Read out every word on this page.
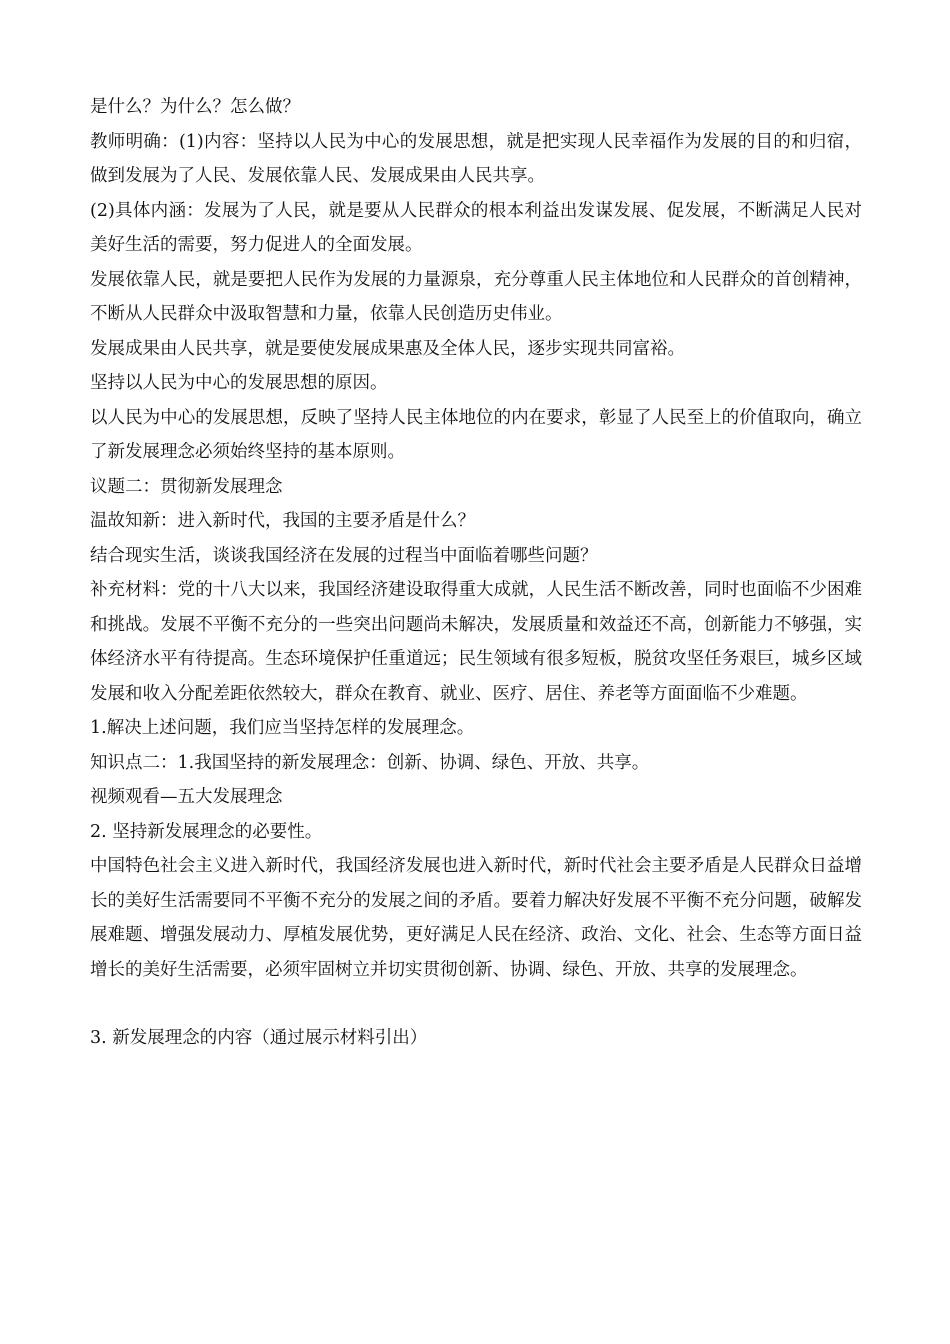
是什么？为什么？怎么做？

教师明确：(1)内容：坚持以人民为中心的发展思想，就是把实现人民幸福作为发展的目的和归宿，做到发展为了人民、发展依靠人民、发展成果由人民共享。

(2)具体内涵：发展为了人民，就是要从人民群众的根本利益出发谋发展、促发展，不断满足人民对美好生活的需要，努力促进人的全面发展。

发展依靠人民，就是要把人民作为发展的力量源泉，充分尊重人民主体地位和人民群众的首创精神，不断从人民群众中汲取智慧和力量，依靠人民创造历史伟业。

发展成果由人民共享，就是要使发展成果惠及全体人民，逐步实现共同富裕。

坚持以人民为中心的发展思想的原因。

以人民为中心的发展思想，反映了坚持人民主体地位的内在要求，彰显了人民至上的价值取向，确立了新发展理念必须始终坚持的基本原则。

议题二：贯彻新发展理念

温故知新：进入新时代，我国的主要矛盾是什么？

结合现实生活，谈谈我国经济在发展的过程当中面临着哪些问题？

补充材料：党的十八大以来，我国经济建设取得重大成就，人民生活不断改善，同时也面临不少困难和挑战。发展不平衡不充分的一些突出问题尚未解决，发展质量和效益还不高，创新能力不够强，实体经济水平有待提高。生态环境保护任重道远；民生领域有很多短板，脱贫攻坚任务艰巨，城乡区域发展和收入分配差距依然较大，群众在教育、就业、医疗、居住、养老等方面面临不少难题。

1.解决上述问题，我们应当坚持怎样的发展理念。

知识点二：1.我国坚持的新发展理念：创新、协调、绿色、开放、共享。

视频观看—五大发展理念

2. 坚持新发展理念的必要性。

中国特色社会主义进入新时代，我国经济发展也进入新时代，新时代社会主要矛盾是人民群众日益增长的美好生活需要同不平衡不充分的发展之间的矛盾。要着力解决好发展不平衡不充分问题，破解发展难题、增强发展动力、厚植发展优势，更好满足人民在经济、政治、文化、社会、生态等方面日益增长的美好生活需要，必须牢固树立并切实贯彻创新、协调、绿色、开放、共享的发展理念。

3. 新发展理念的内容（通过展示材料引出）
